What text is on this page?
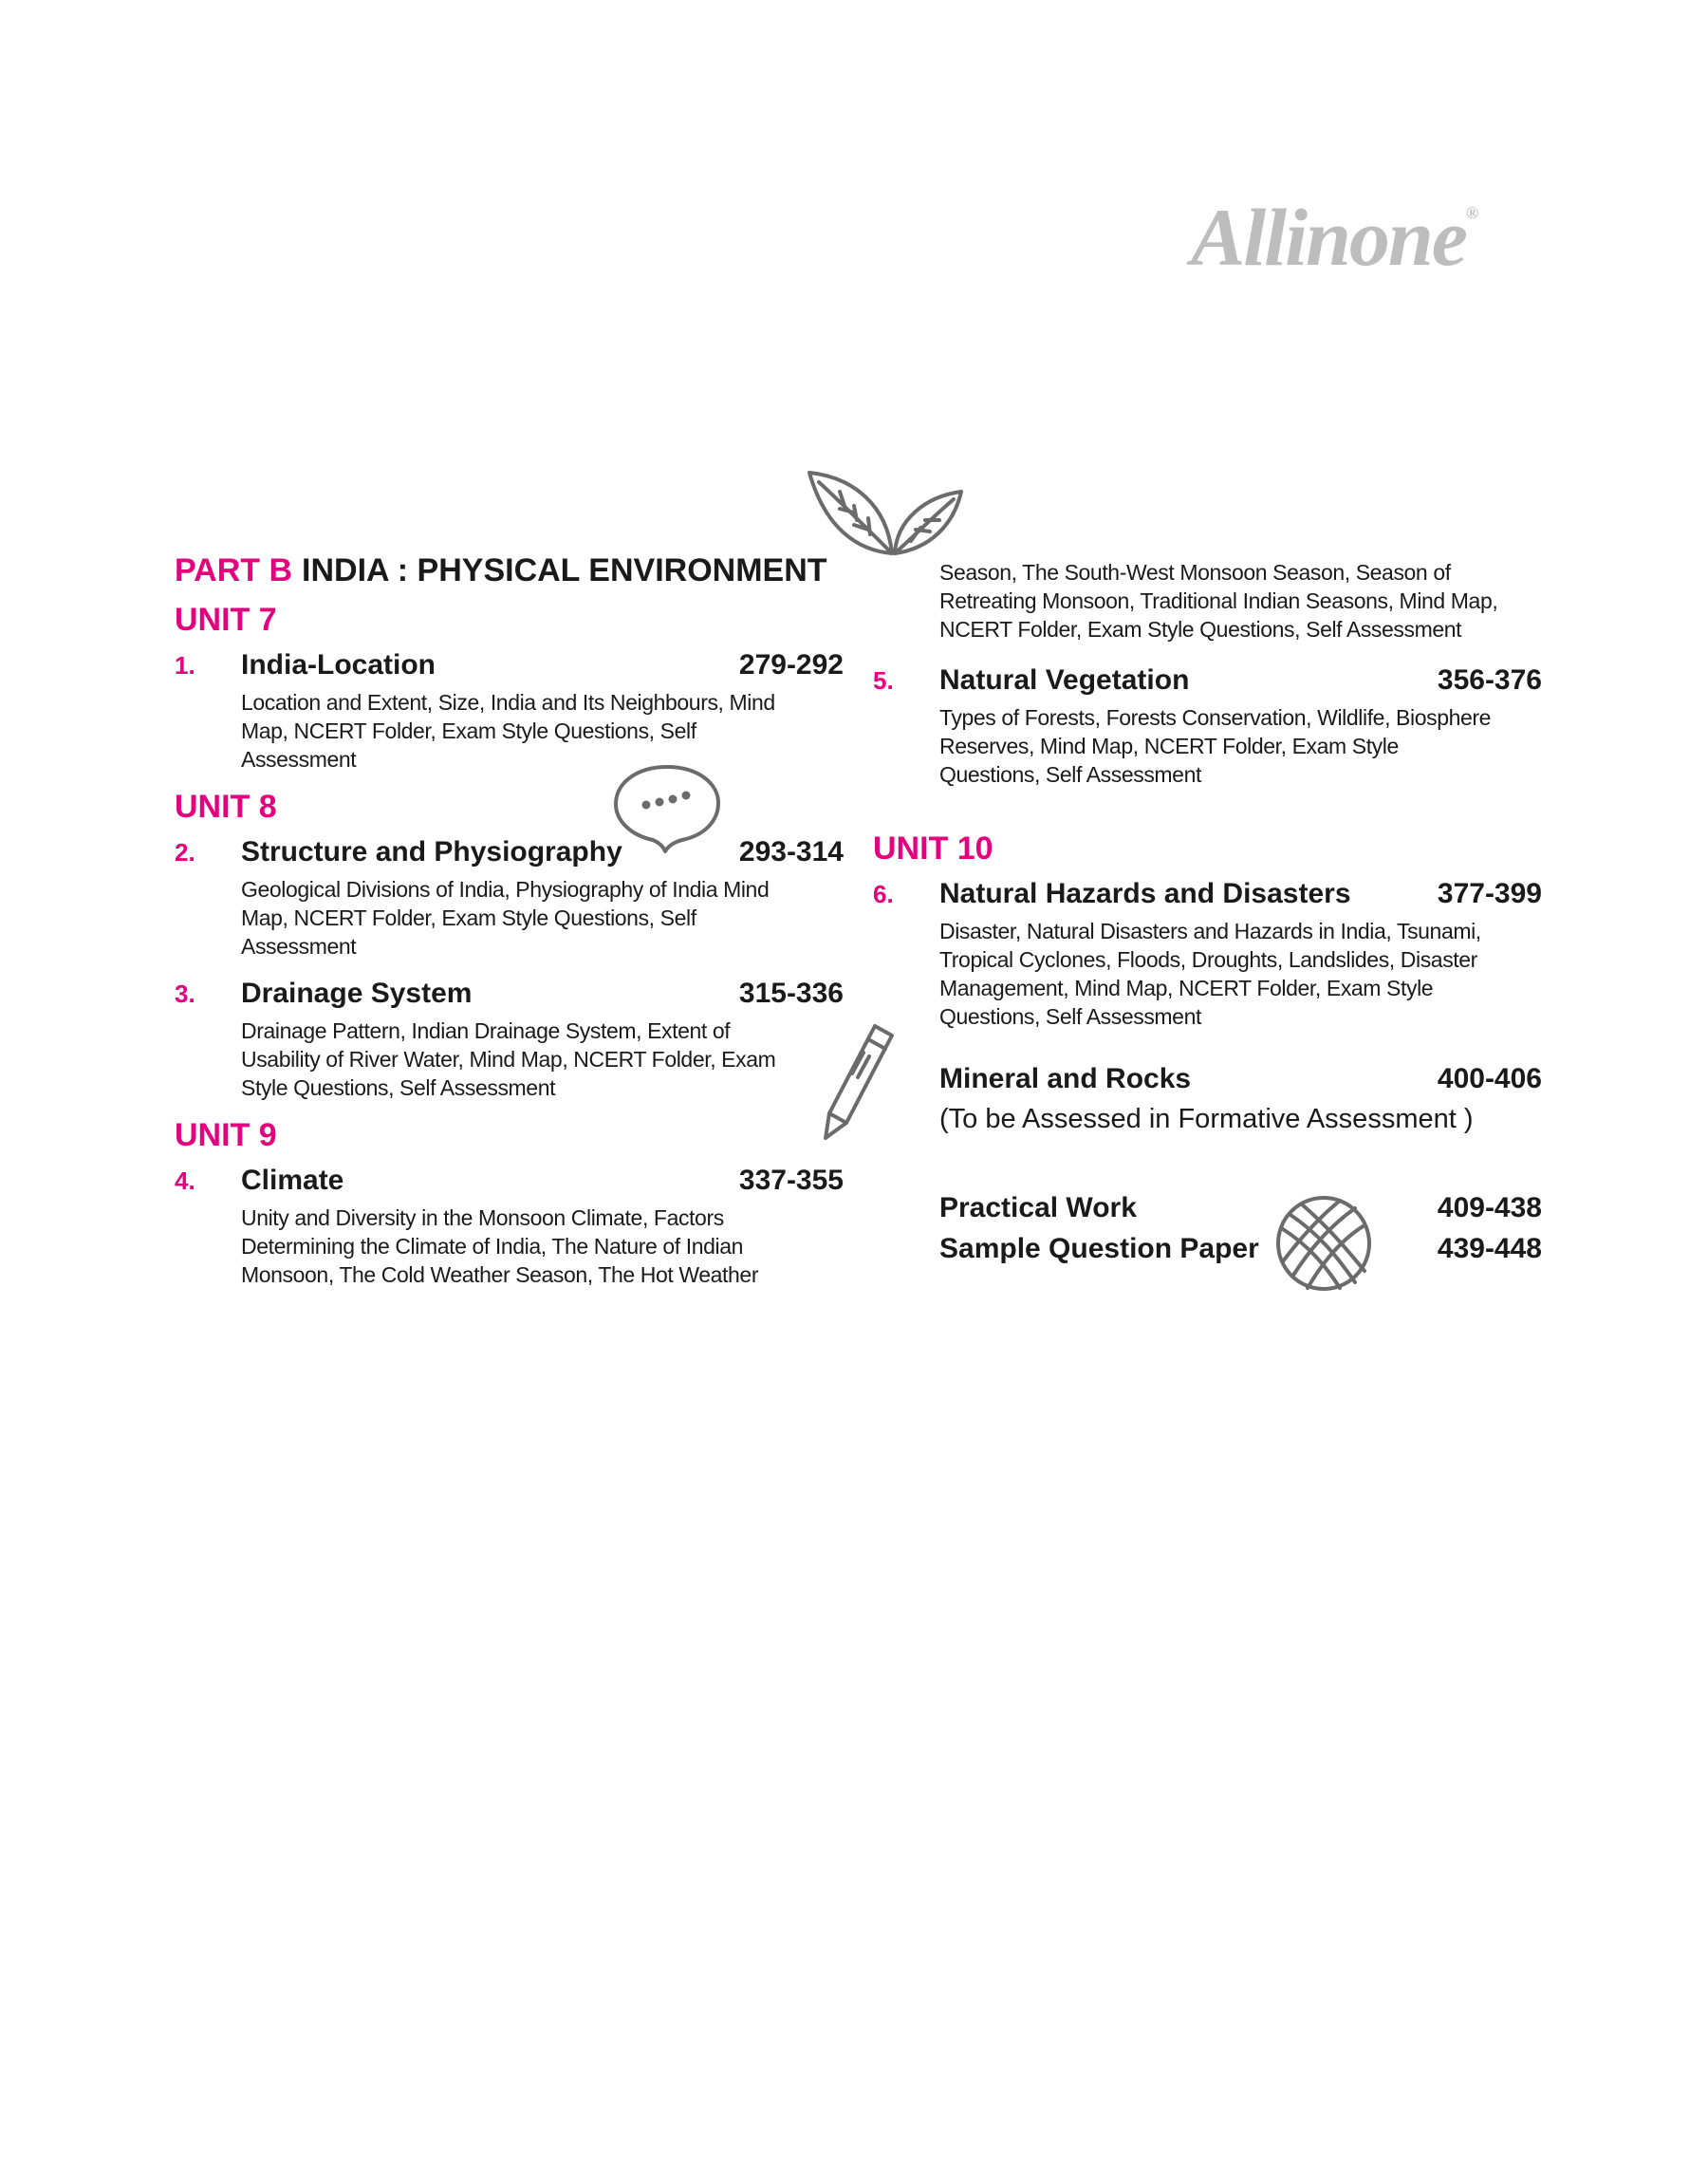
Allinone®
PART B INDIA : PHYSICAL ENVIRONMENT
UNIT 7
1.	India-Location	279-292
Location and Extent, Size, India and Its Neighbours, Mind Map, NCERT Folder, Exam Style Questions, Self Assessment
UNIT 8
2.	Structure and Physiography	293-314
Geological Divisions of India, Physiography of India Mind Map, NCERT Folder, Exam Style Questions, Self Assessment
3.	Drainage System	315-336
Drainage Pattern, Indian Drainage System, Extent of Usability of River Water, Mind Map, NCERT Folder, Exam Style Questions, Self Assessment
UNIT 9
4.	Climate	337-355
Unity and Diversity in the Monsoon Climate, Factors Determining the Climate of India, The Nature of Indian Monsoon, The Cold Weather Season, The Hot Weather
Season, The South-West Monsoon Season, Season of Retreating Monsoon, Traditional Indian Seasons, Mind Map, NCERT Folder, Exam Style Questions, Self Assessment
5.	Natural Vegetation	356-376
Types of Forests, Forests Conservation, Wildlife, Biosphere Reserves, Mind Map, NCERT Folder, Exam Style Questions, Self Assessment
UNIT 10
6.	Natural Hazards and Disasters	377-399
Disaster, Natural Disasters and Hazards in India, Tsunami, Tropical Cyclones, Floods, Droughts, Landslides, Disaster Management, Mind Map, NCERT Folder, Exam Style Questions, Self Assessment
Mineral and Rocks	400-406
(To be Assessed in Formative Assessment )
Practical Work	409-438
Sample Question Paper	439-448
